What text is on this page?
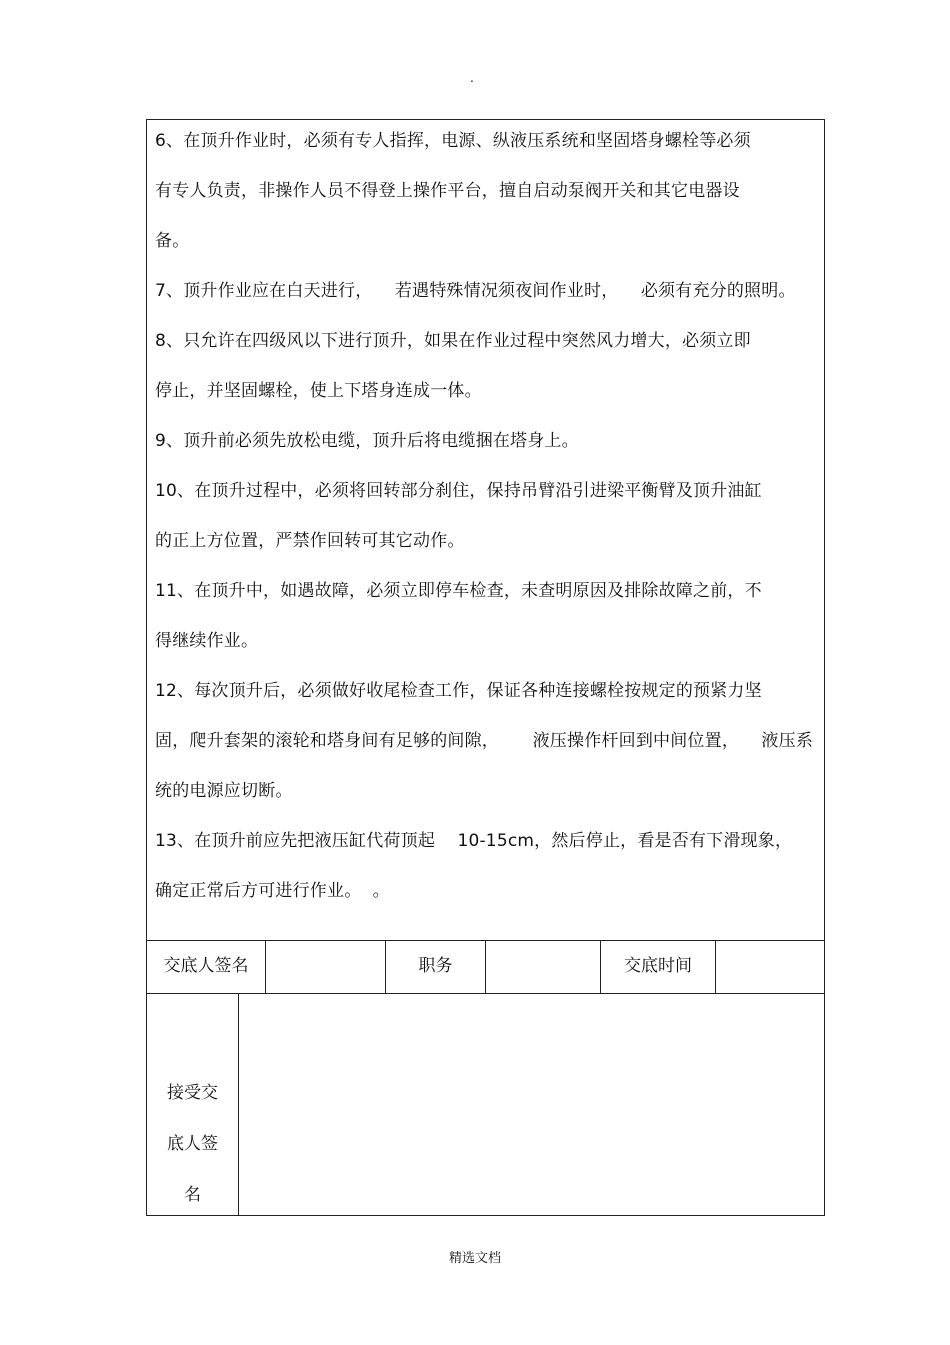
.
6、在顶升作业时，必须有专人指挥，电源、纵液压系统和坚固塔身螺栓等必须
有专人负责，非操作人员不得登上操作平台，擅自启动泵阀开关和其它电器设
备。
7、顶升作业应在白天进行，    若遇特殊情况须夜间作业时，    必须有充分的照明。
8、只允许在四级风以下进行顶升，如果在作业过程中突然风力增大，必须立即
停止，并坚固螺栓，使上下塔身连成一体。
9、顶升前必须先放松电缆，顶升后将电缆捆在塔身上。
10、在顶升过程中，必须将回转部分刹住，保持吊臂沿引进梁平衡臂及顶升油缸
的正上方位置，严禁作回转可其它动作。
11、在顶升中，如遇故障，必须立即停车检查，未查明原因及排除故障之前，不
得继续作业。
12、每次顶升后，必须做好收尾检查工作，保证各种连接螺栓按规定的预紧力坚
固，爬升套架的滚轮和塔身间有足够的间隙，      液压操作杆回到中间位置，    液压系
统的电源应切断。
13、在顶升前应先把液压缸代荷顶起    10-15cm，然后停止，看是否有下滑现象，
确定正常后方可进行作业。  。
交底人签名	职务	交底时间
接受交
底人签
名
精选文档
